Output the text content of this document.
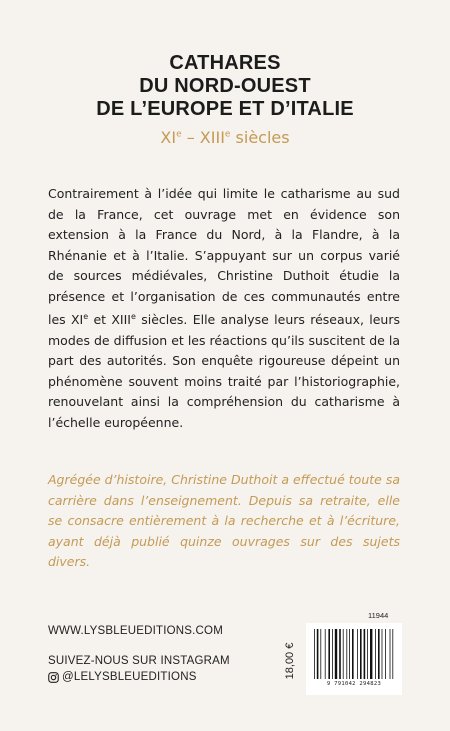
CATHARES
DU NORD-OUEST
DE L’EUROPE ET D’ITALIE
XIe – XIIIe siècles
Contrairement à l’idée qui limite le catharisme au sud de la France, cet ouvrage met en évidence son extension à la France du Nord, à la Flandre, à la Rhénanie et à l’Italie. S’appuyant sur un corpus varié de sources médiévales, Christine Duthoit étudie la présence et l’organisation de ces communautés entre les XIe et XIIIe siècles. Elle analyse leurs réseaux, leurs modes de diffusion et les réactions qu’ils suscitent de la part des autorités. Son enquête rigoureuse dépeint un phénomène souvent moins traité par l’historiographie, renouvelant ainsi la compréhension du catharisme à l’échelle européenne.
Agrégée d’histoire, Christine Duthoit a effectué toute sa carrière dans l’enseignement. Depuis sa retraite, elle se consacre entièrement à la recherche et à l’écriture, ayant déjà publié quinze ouvrages sur des sujets divers.
WWW.LYSBLEUEDITIONS.COM
SUIVEZ-NOUS SUR INSTAGRAM
@LELYSBLEUEDITIONS
11944
18,00 €
9 791042 294823
